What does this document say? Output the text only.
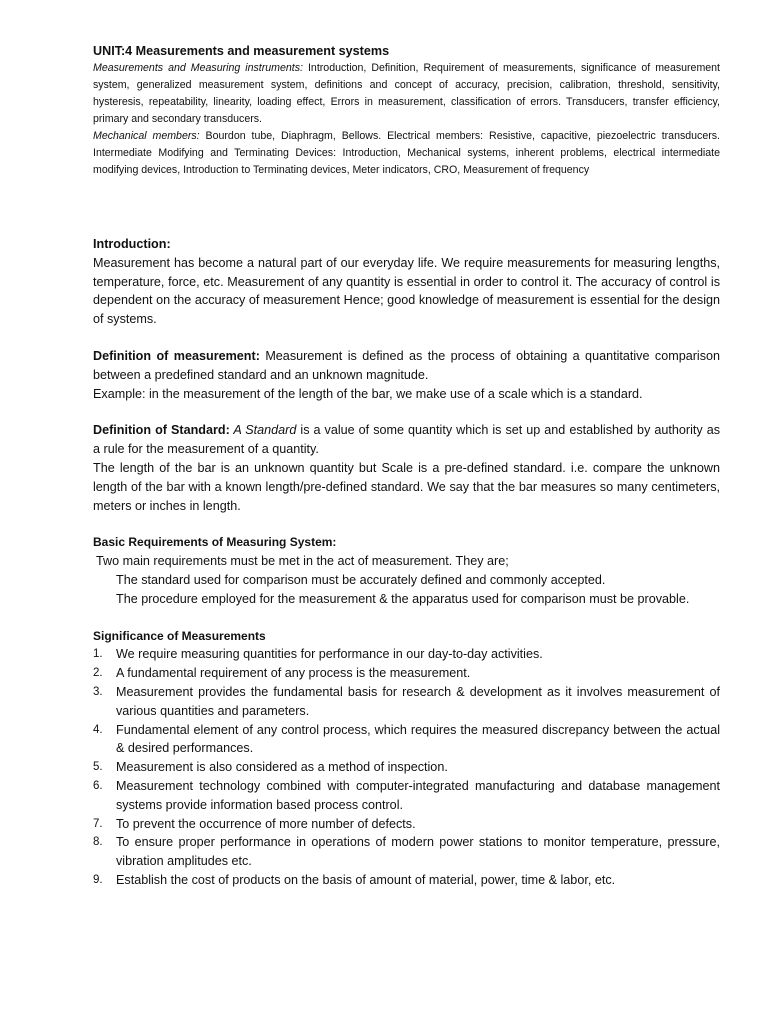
UNIT:4 Measurements and measurement systems

Measurements and Measuring instruments: Introduction, Definition, Requirement of measurements, significance of measurement system, generalized measurement system, definitions and concept of accuracy, precision, calibration, threshold, sensitivity, hysteresis, repeatability, linearity, loading effect, Errors in measurement, classification of errors. Transducers, transfer efficiency, primary and secondary transducers.
Mechanical members: Bourdon tube, Diaphragm, Bellows. Electrical members: Resistive, capacitive, piezoelectric transducers. Intermediate Modifying and Terminating Devices: Introduction, Mechanical systems, inherent problems, electrical intermediate modifying devices, Introduction to Terminating devices, Meter indicators, CRO, Measurement of frequency

Introduction:

Measurement has become a natural part of our everyday life. We require measurements for measuring lengths, temperature, force, etc. Measurement of any quantity is essential in order to control it. The accuracy of control is dependent on the accuracy of measurement Hence; good knowledge of measurement is essential for the design of systems.

Definition of measurement: Measurement is defined as the process of obtaining a quantitative comparison between a predefined standard and an unknown magnitude.

Example: in the measurement of the length of the bar, we make use of a scale which is a standard.

Definition of Standard: A Standard is a value of some quantity which is set up and established by authority as a rule for the measurement of a quantity.

The length of the bar is an unknown quantity but Scale is a pre-defined standard. i.e. compare the unknown length of the bar with a known length/pre-defined standard. We say that the bar measures so many centimeters, meters or inches in length.

Basic Requirements of Measuring System:

Two main requirements must be met in the act of measurement. They are;

The standard used for comparison must be accurately defined and commonly accepted.

The procedure employed for the measurement & the apparatus used for comparison must be provable.

Significance of Measurements

1. We require measuring quantities for performance in our day-to-day activities.
2. A fundamental requirement of any process is the measurement.
3. Measurement provides the fundamental basis for research & development as it involves measurement of various quantities and parameters.
4. Fundamental element of any control process, which requires the measured discrepancy between the actual & desired performances.
5. Measurement is also considered as a method of inspection.
6. Measurement technology combined with computer-integrated manufacturing and database management systems provide information based process control.
7. To prevent the occurrence of more number of defects.
8. To ensure proper performance in operations of modern power stations to monitor temperature, pressure, vibration amplitudes etc.
9. Establish the cost of products on the basis of amount of material, power, time & labor, etc.
